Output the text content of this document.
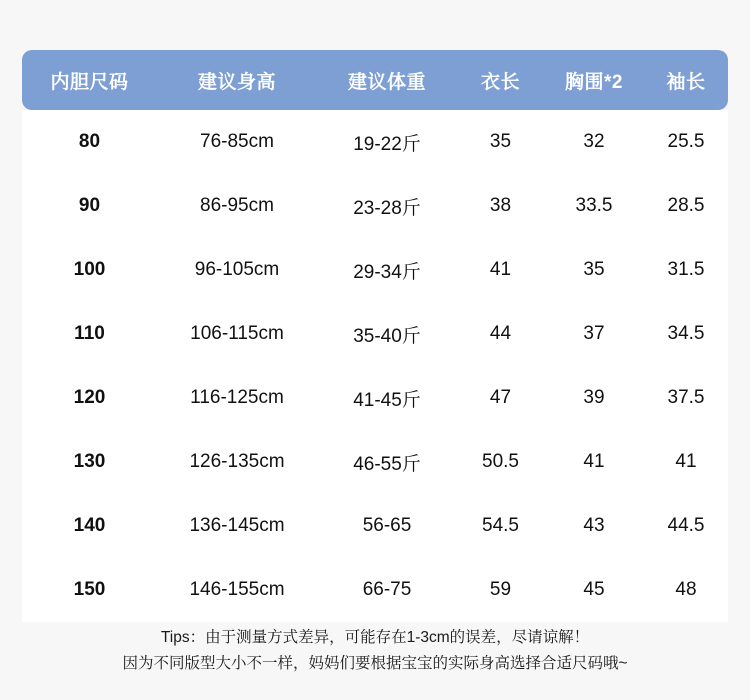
内胆尺码	建议身高	建议体重	衣长	胸围*2	袖长
80	76-85cm	19-22斤	35	32	25.5
90	86-95cm	23-28斤	38	33.5	28.5
100	96-105cm	29-34斤	41	35	31.5
110	106-115cm	35-40斤	44	37	34.5
120	116-125cm	41-45斤	47	39	37.5
130	126-135cm	46-55斤	50.5	41	41
140	136-145cm	56-65	54.5	43	44.5
150	146-155cm	66-75	59	45	48
Tips：由于测量方式差异，可能存在1-3cm的误差，尽请谅解！
因为不同版型大小不一样，妈妈们要根据宝宝的实际身高选择合适尺码哦~
